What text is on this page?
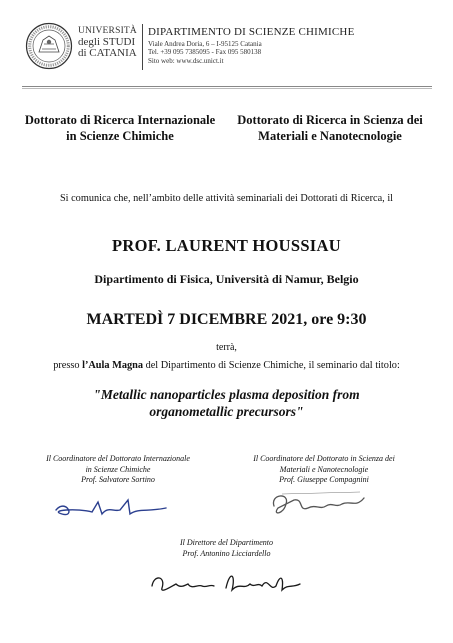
UNIVERSITÀ
degli STUDI
di CATANIA
DIPARTIMENTO DI SCIENZE CHIMICHE
Viale Andrea Doria, 6 – I-95125 Catania
Tel. +39 095 7385095 - Fax 095 580138
Sito web: www.dsc.unict.it
Dottorato di Ricerca Internazionale in Scienze Chimiche
Dottorato di Ricerca in Scienza dei Materiali e Nanotecnologie
Si comunica che, nell’ambito delle attività seminariali dei Dottorati di Ricerca, il
PROF. LAURENT HOUSSIAU
Dipartimento di Fisica, Università di Namur, Belgio
MARTEDÌ 7 DICEMBRE 2021, ore 9:30
terrà,
presso l’Aula Magna del Dipartimento di Scienze Chimiche, il seminario dal titolo:
"Metallic nanoparticles plasma deposition from
organometallic precursors"
Il Coordinatore del Dottorato Internazionale
in Scienze Chimiche
Prof. Salvatore Sortino
Il Coordinatore del Dottorato in Scienza dei
Materiali e Nanotecnologie
Prof. Giuseppe Compagnini
Il Direttore del Dipartimento
Prof. Antonino Licciardello
